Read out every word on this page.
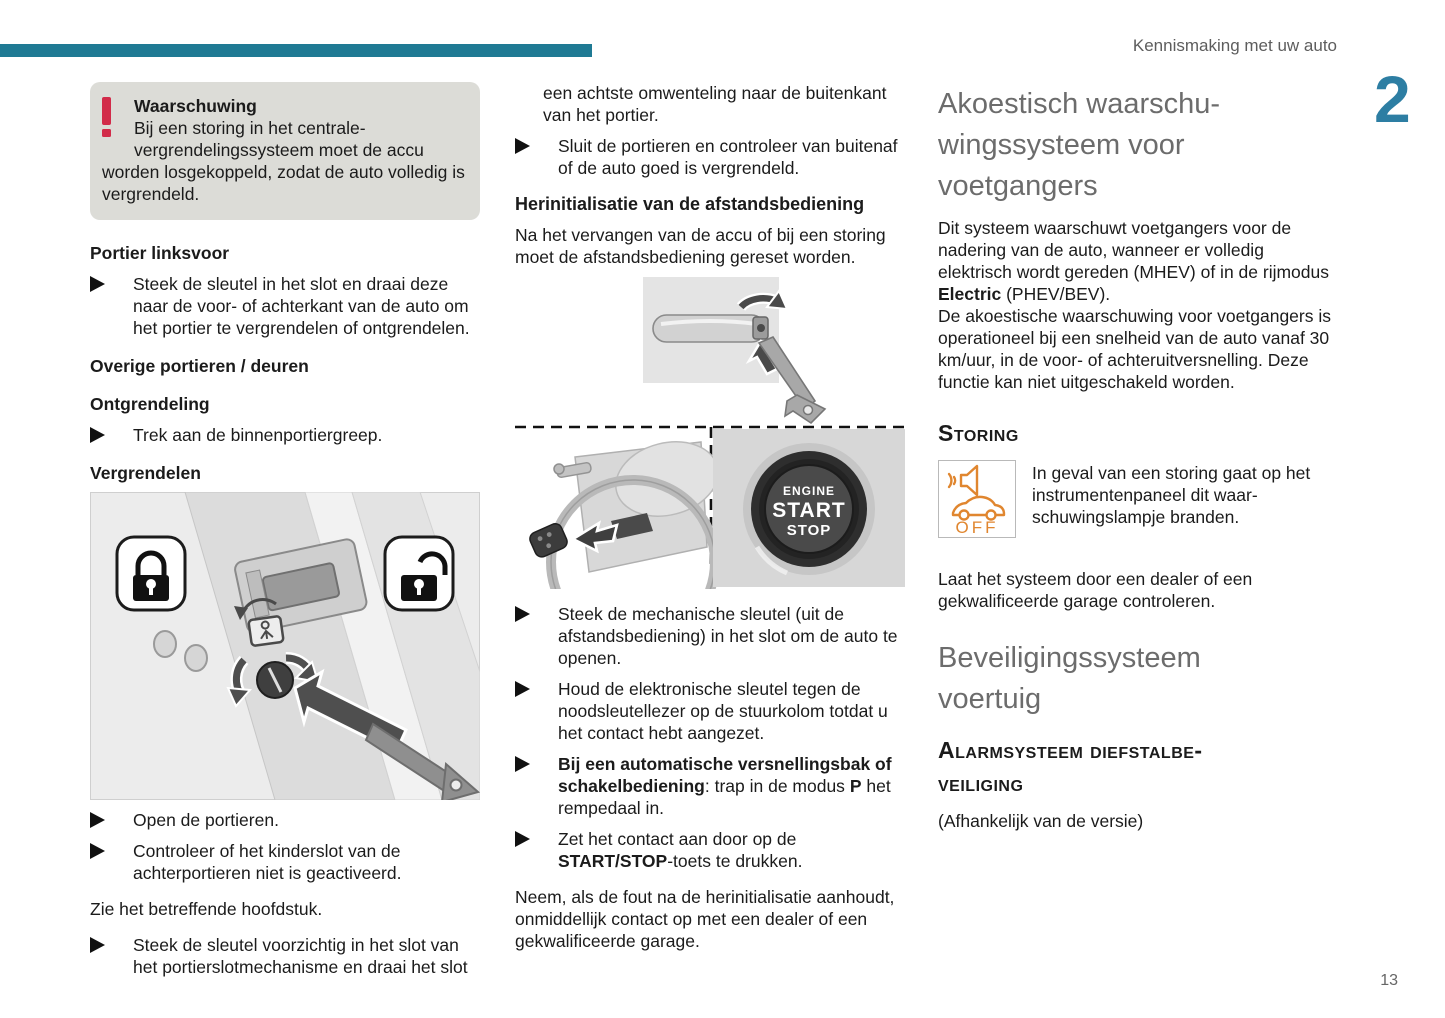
Kennismaking met uw auto
2
13
Waarschuwing
Bij een storing in het centrale-vergrendelingssysteem moet de accu worden losgekoppeld, zodat de auto volledig is vergrendeld.
Portier linksvoor
Steek de sleutel in het slot en draai deze naar de voor- of achterkant van de auto om het portier te vergrendelen of ontgrendelen.
Overige portieren / deuren
Ontgrendeling
Trek aan de binnenportiergreep.
Vergrendelen
Open de portieren.
Controleer of het kinderslot van de achterportieren niet is geactiveerd.

Zie het betreffende hoofdstuk.

Steek de sleutel voorzichtig in het slot van het portierslotmechanisme en draai het slot
een achtste omwenteling naar de buitenkant van het portier.
Sluit de portieren en controleer van buitenaf of de auto goed is vergrendeld.
Herinitialisatie van de afstandsbediening

Na het vervangen van de accu of bij een storing moet de afstandsbediening gereset worden.

ENGINE
START
STOP
Steek de mechanische sleutel (uit de afstandsbediening) in het slot om de auto te openen.
Houd de elektronische sleutel tegen de noodsleutellezer op de stuurkolom totdat u het contact hebt aangezet.
Bij een automatische versnellingsbak of schakelbediening: trap in de modus P het rempedaal in.
Zet het contact aan door op de START/STOP-toets te drukken.

Neem, als de fout na de herinitialisatie aanhoudt, onmiddellijk contact op met een dealer of een gekwalificeerde garage.

Akoestisch waarschu-
wingssysteem voor
voetgangers

Dit systeem waarschuwt voetgangers voor de nadering van de auto, wanneer er volledig elektrisch wordt gereden (MHEV) of in de rijmodus Electric (PHEV/BEV).
De akoestische waarschuwing voor voetgangers is operationeel bij een snelheid van de auto vanaf 30 km/uur, in de voor- of achteruitversnelling. Deze functie kan niet uitgeschakeld worden.

Storing
OFF
In geval van een storing gaat op het instrumentenpaneel dit waar-schuwingslampje branden.

Laat het systeem door een dealer of een gekwalificeerde garage controleren.

Beveiligingssysteem
voertuig
Alarmsysteem diefstalbe-
veiliging

(Afhankelijk van de versie)
